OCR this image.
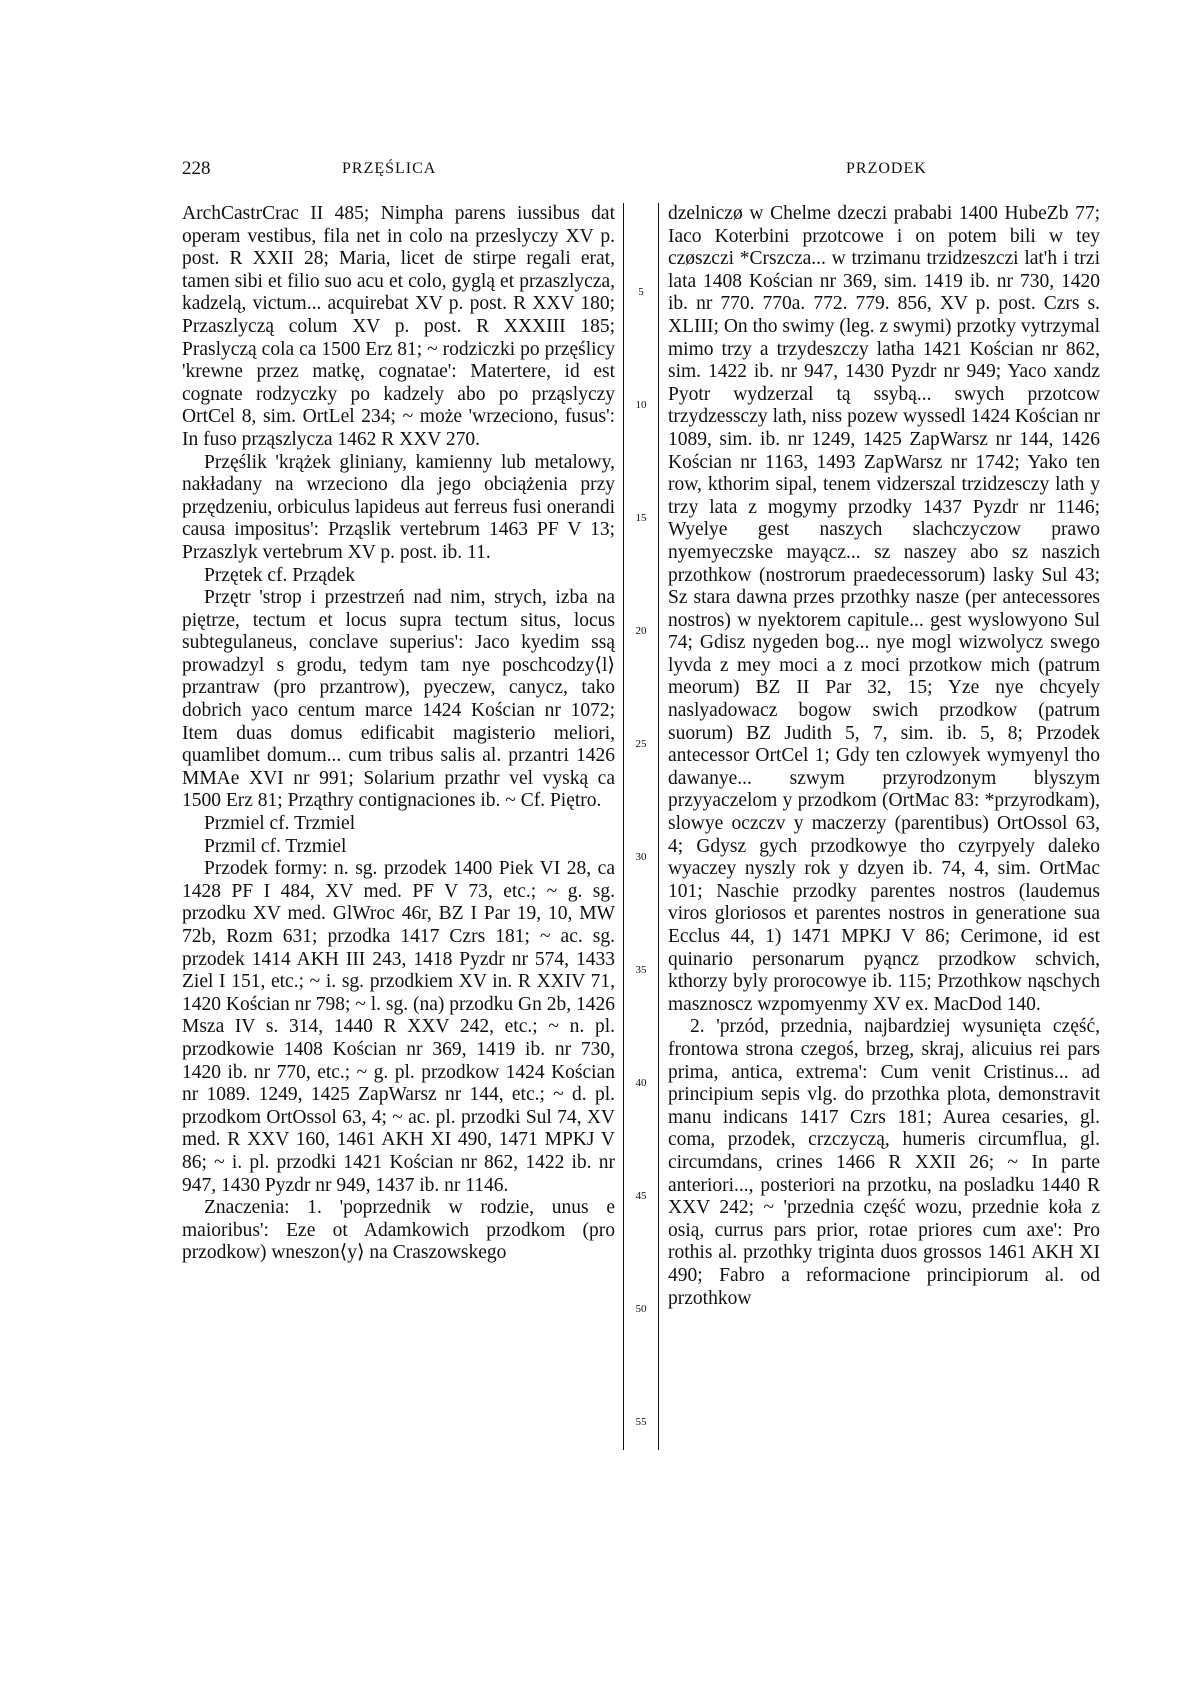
228	PRZĘŚLICA	PRZODEK

ArchCastrCrac II 485; Nimpha parens iussibus dat operam vestibus, fila net in colo na przeslyczy XV p. post. R XXII 28; Maria, licet de stirpe regali erat, tamen sibi et filio suo acu et colo, gyglą et przaszlycza, kadzelą, victum... acquirebat XV p. post. R XXV 180; Przaszlyczą colum XV p. post. R XXXIII 185; Praslyczą cola ca 1500 Erz 81; ~ rodziczki po przęślicy 'krewne przez matkę, cognatae': Matertere, id est cognate rodzyczky po kadzely abo po prząslyczy OrtCel 8, sim. OrtLel 234; ~ może 'wrzeciono, fusus': In fuso prząszlycza 1462 R XXV 270.

Przęślik 'krążek gliniany, kamienny lub metalowy, nakładany na wrzeciono dla jego obciążenia przy przędzeniu, orbiculus lapideus aut ferreus fusi onerandi causa impositus': Prząslik vertebrum 1463 PF V 13; Przaszlyk vertebrum XV p. post. ib. 11.

Przętek cf. Prządek

Przętr 'strop i przestrzeń nad nim, strych, izba na piętrze, tectum et locus supra tectum situs, locus subtegulaneus, conclave superius': Jaco kyedim ssą prowadzyl s grodu, tedym tam nye poschcodzy⟨l⟩ przantraw (pro przantrow), pyeczew, canycz, tako dobrich yaco centum marce 1424 Kościan nr 1072; Item duas domus edificabit magisterio meliori, quamlibet domum... cum tribus salis al. przantri 1426 MMAe XVI nr 991; Solarium przathr vel vyską ca 1500 Erz 81; Prząthry contignaciones ib. ~ Cf. Piętro.

Przmiel cf. Trzmiel

Przmil cf. Trzmiel

Przodek formy: n. sg. przodek 1400 Piek VI 28, ca 1428 PF I 484, XV med. PF V 73, etc.; ~ g. sg. przodku XV med. GlWroc 46r, BZ I Par 19, 10, MW 72b, Rozm 631; przodka 1417 Czrs 181; ~ ac. sg. przodek 1414 AKH III 243, 1418 Pyzdr nr 574, 1433 Ziel I 151, etc.; ~ i. sg. przodkiem XV in. R XXIV 71, 1420 Kościan nr 798; ~ l. sg. (na) przodku Gn 2b, 1426 Msza IV s. 314, 1440 R XXV 242, etc.; ~ n. pl. przodkowie 1408 Kościan nr 369, 1419 ib. nr 730, 1420 ib. nr 770, etc.; ~ g. pl. przodkow 1424 Kościan nr 1089. 1249, 1425 ZapWarsz nr 144, etc.; ~ d. pl. przodkom OrtOssol 63, 4; ~ ac. pl. przodki Sul 74, XV med. R XXV 160, 1461 AKH XI 490, 1471 MPKJ V 86; ~ i. pl. przodki 1421 Kościan nr 862, 1422 ib. nr 947, 1430 Pyzdr nr 949, 1437 ib. nr 1146.

Znaczenia: 1. 'poprzednik w rodzie, unus e maioribus': Eze ot Adamkowich przodkom (pro przodkow) wneszon⟨y⟩ na Craszowskego

5
10
15
20
25
30
35
40
45
50
55

dzelniczø w Chelme dzeczi prababi 1400 HubeZb 77; Iaco Koterbini przotcowe i on potem bili w tey czøszczi *Crszcza... w trzimanu trzidzeszczi lat'h i trzi lata 1408 Kościan nr 369, sim. 1419 ib. nr 730, 1420 ib. nr 770. 770a. 772. 779. 856, XV p. post. Czrs s. XLIII; On tho swimy (leg. z swymi) przotky vytrzymal mimo trzy a trzydeszczy latha 1421 Kościan nr 862, sim. 1422 ib. nr 947, 1430 Pyzdr nr 949; Yaco xandz Pyotr wydzerzal tą ssybą... swych przotcow trzydzessczy lath, niss pozew wyssedl 1424 Kościan nr 1089, sim. ib. nr 1249, 1425 ZapWarsz nr 144, 1426 Kościan nr 1163, 1493 ZapWarsz nr 1742; Yako ten row, kthorim sipal, tenem vidzerszal trzidzesczy lath y trzy lata z mogymy przodky 1437 Pyzdr nr 1146; Wyelye gest naszych slachczyczow prawo nyemyeczske mayącz... sz naszey abo sz naszich przothkow (nostrorum praedecessorum) lasky Sul 43; Sz stara dawna przes przothky nasze (per antecessores nostros) w nyektorem capitule... gest wyslowyono Sul 74; Gdisz nygeden bog... nye mogl wizwolycz swego lyvda z mey moci a z moci przotkow mich (patrum meorum) BZ II Par 32, 15; Yze nye chcyely naslyadowacz bogow swich przodkow (patrum suorum) BZ Judith 5, 7, sim. ib. 5, 8; Przodek antecessor OrtCel 1; Gdy ten czlowyek wymyenyl tho dawanye... szwym przyrodzonym blyszym przyyaczelom y przodkom (OrtMac 83: *przyrodkam), slowye oczczv y maczerzy (parentibus) OrtOssol 63, 4; Gdysz gych przodkowye tho czyrpyely daleko wyaczey nyszly rok y dzyen ib. 74, 4, sim. OrtMac 101; Naschie przodky parentes nostros (laudemus viros gloriosos et parentes nostros in generatione sua Ecclus 44, 1) 1471 MPKJ V 86; Cerimone, id est quinario personarum pyąncz przodkow schvich, kthorzy byly prorocowye ib. 115; Przothkow nąschych masznoscz wzpomyenmy XV ex. MacDod 140.

2. 'przód, przednia, najbardziej wysunięta część, frontowa strona czegoś, brzeg, skraj, alicuius rei pars prima, antica, extrema': Cum venit Cristinus... ad principium sepis vlg. do przothka plota, demonstravit manu indicans 1417 Czrs 181; Aurea cesaries, gl. coma, przodek, crzczyczą, humeris circumflua, gl. circumdans, crines 1466 R XXII 26; ~ In parte anteriori..., posteriori na przotku, na posladku 1440 R XXV 242; ~ 'przednia część wozu, przednie koła z osią, currus pars prior, rotae priores cum axe': Pro rothis al. przothky triginta duos grossos 1461 AKH XI 490; Fabro a reformacione principiorum al. od przothkow
